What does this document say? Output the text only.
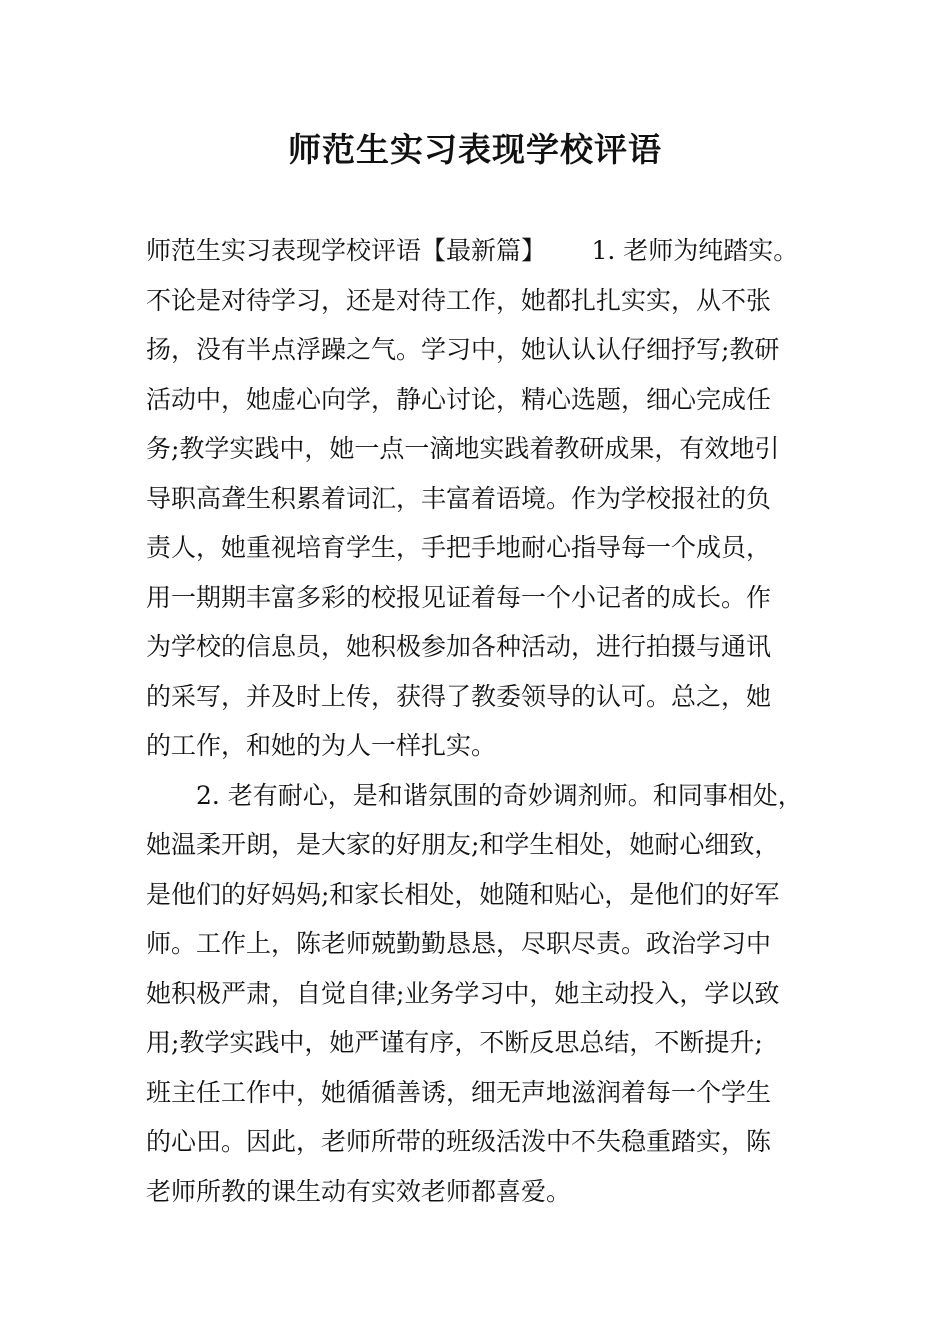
师范生实习表现学校评语
师范生实习表现学校评语【最新篇】　　 1. 老师为纯踏实。
不论是对待学习，还是对待工作，她都扎扎实实，从不张
扬，没有半点浮躁之气。学习中，她认认认仔细抒写;教研
活动中，她虚心向学，静心讨论，精心选题，细心完成任
务;教学实践中，她一点一滴地实践着教研成果，有效地引
导职高聋生积累着词汇，丰富着语境。作为学校报社的负
责人，她重视培育学生，手把手地耐心指导每一个成员，
用一期期丰富多彩的校报见证着每一个小记者的成长。作
为学校的信息员，她积极参加各种活动，进行拍摄与通讯
的采写，并及时上传，获得了教委领导的认可。总之，她
的工作，和她的为人一样扎实。
　　2. 老有耐心，是和谐氛围的奇妙调剂师。和同事相处，
她温柔开朗，是大家的好朋友;和学生相处，她耐心细致，
是他们的好妈妈;和家长相处，她随和贴心，是他们的好军
师。工作上，陈老师兢勤勤恳恳，尽职尽责。政治学习中
她积极严肃，自觉自律;业务学习中，她主动投入，学以致
用;教学实践中，她严谨有序，不断反思总结，不断提升;
班主任工作中，她循循善诱，细无声地滋润着每一个学生
的心田。因此，老师所带的班级活泼中不失稳重踏实，陈
老师所教的课生动有实效老师都喜爱。
